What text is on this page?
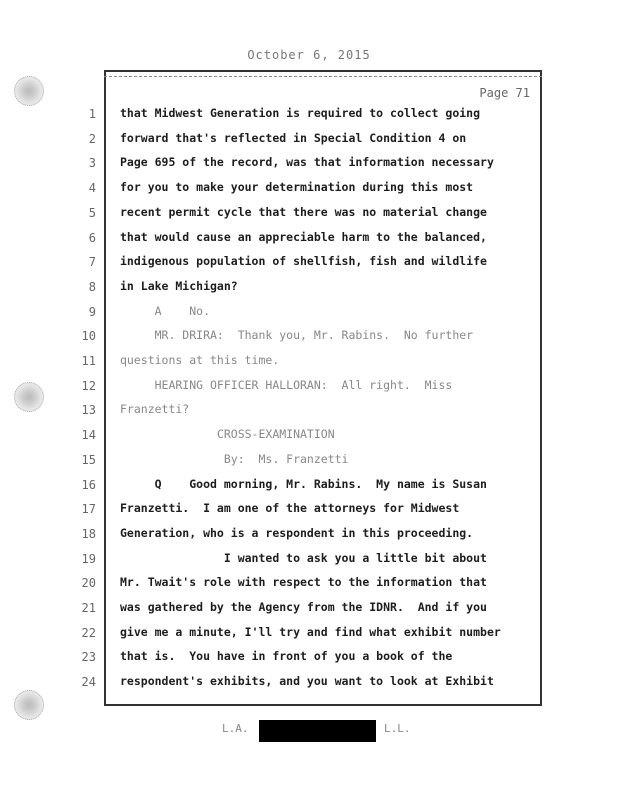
October 6, 2015
Page 71
1 that Midwest Generation is required to collect going
2 forward that's reflected in Special Condition 4 on
3 Page 695 of the record, was that information necessary
4 for you to make your determination during this most
5 recent permit cycle that there was no material change
6 that would cause an appreciable harm to the balanced,
7 indigenous population of shellfish, fish and wildlife
8 in Lake Michigan?
9 A    No.
10 MR. DRIRA:  Thank you, Mr. Rabins.  No further
11 questions at this time.
12 HEARING OFFICER HALLORAN:  All right.  Miss
13 Franzetti?
14 CROSS-EXAMINATION
15 By:  Ms. Franzetti
16 Q    Good morning, Mr. Rabins.  My name is Susan
17 Franzetti.  I am one of the attorneys for Midwest
18 Generation, who is a respondent in this proceeding.
19 I wanted to ask you a little bit about
20 Mr. Twait's role with respect to the information that
21 was gathered by the Agency from the IDNR.  And if you
22 give me a minute, I'll try and find what exhibit number
23 that is.  You have in front of you a book of the
24 respondent's exhibits, and you want to look at Exhibit
L.A.	L.L.
